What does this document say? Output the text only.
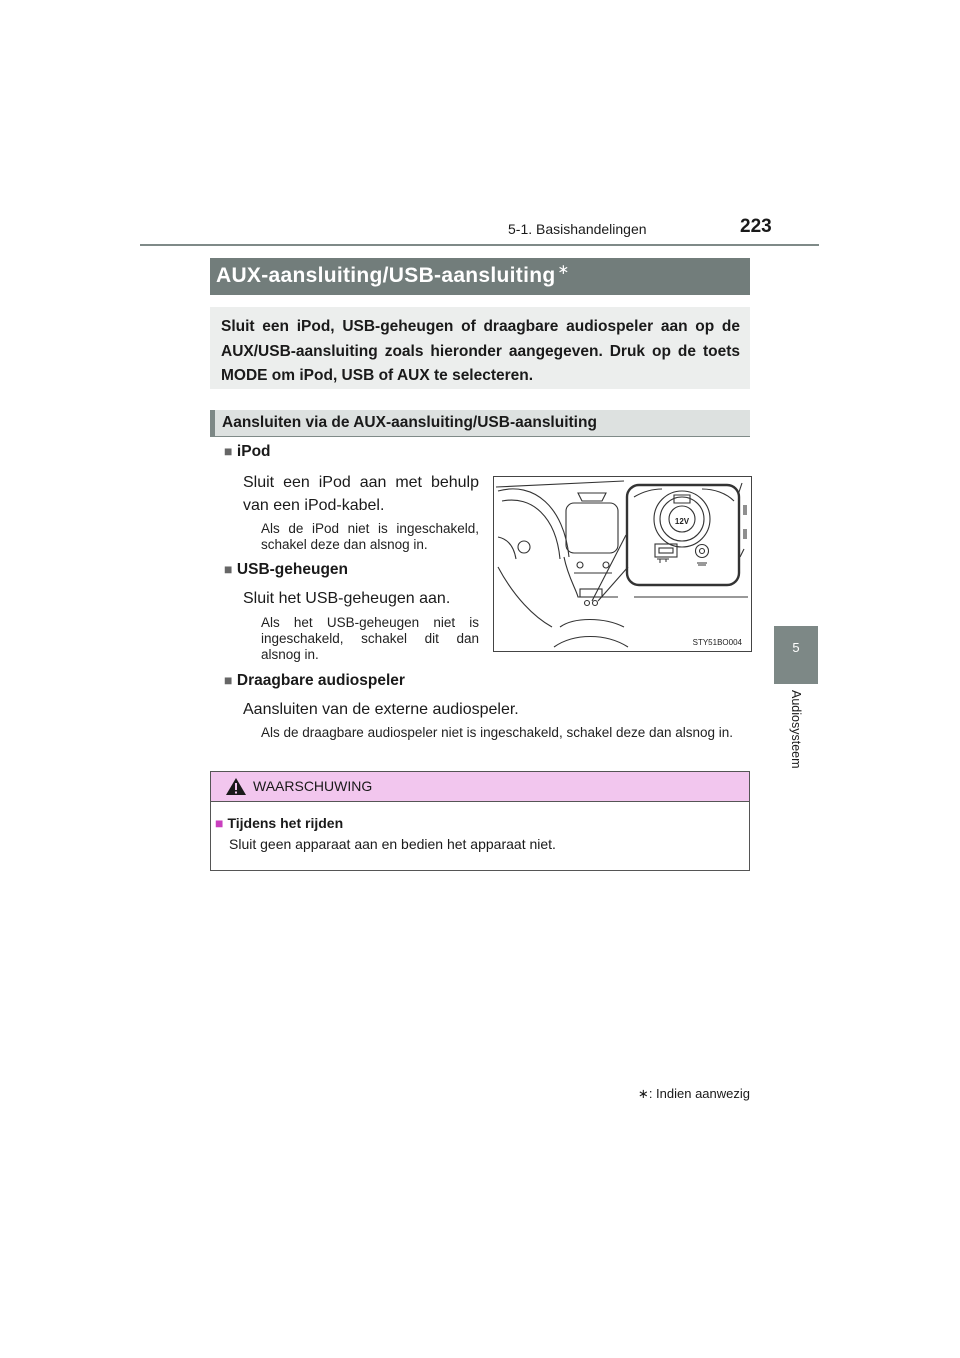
5-1. Basishandelingen	223
5
Audiosysteem
AUX-aansluiting/USB-aansluiting ∗
Sluit een iPod, USB-geheugen of draagbare audiospeler aan op de AUX/USB-aansluiting zoals hieronder aangegeven. Druk op de toets MODE om iPod, USB of AUX te selecteren.
Aansluiten via de AUX-aansluiting/USB-aansluiting
■ iPod
Sluit een iPod aan met behulp van een iPod-kabel.
Als de iPod niet is ingeschakeld, schakel deze dan alsnog in.
■ USB-geheugen
Sluit het USB-geheugen aan.
Als het USB-geheugen niet is ingeschakeld, schakel dit dan alsnog in.
■ Draagbare audiospeler
Aansluiten van de externe audiospeler.
Als de draagbare audiospeler niet is ingeschakeld, schakel deze dan alsnog in.
12V
STY51BO004
WAARSCHUWING
■ Tijdens het rijden
Sluit geen apparaat aan en bedien het apparaat niet.
∗: Indien aanwezig
